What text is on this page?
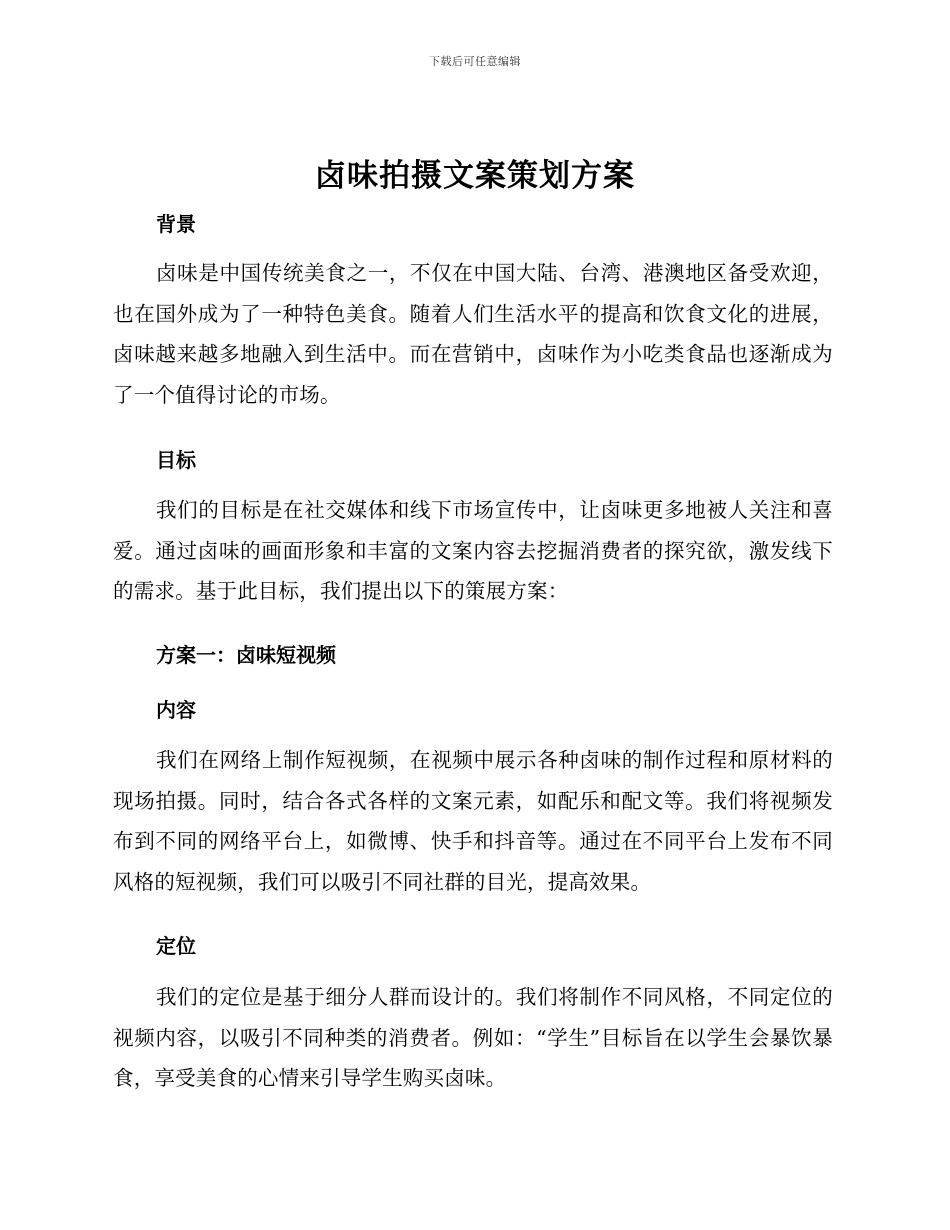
下载后可任意编辑
卤味拍摄文案策划方案
背景

卤味是中国传统美食之一，不仅在中国大陆、台湾、港澳地区备受欢迎，也在国外成为了一种特色美食。随着人们生活水平的提高和饮食文化的进展，卤味越来越多地融入到生活中。而在营销中，卤味作为小吃类食品也逐渐成为了一个值得讨论的市场。

目标

我们的目标是在社交媒体和线下市场宣传中，让卤味更多地被人关注和喜爱。通过卤味的画面形象和丰富的文案内容去挖掘消费者的探究欲，激发线下的需求。基于此目标，我们提出以下的策展方案：

方案一：卤味短视频
内容

我们在网络上制作短视频，在视频中展示各种卤味的制作过程和原材料的现场拍摄。同时，结合各式各样的文案元素，如配乐和配文等。我们将视频发布到不同的网络平台上，如微博、快手和抖音等。通过在不同平台上发布不同风格的短视频，我们可以吸引不同社群的目光，提高效果。

定位

我们的定位是基于细分人群而设计的。我们将制作不同风格，不同定位的视频内容，以吸引不同种类的消费者。例如：“学生”目标旨在以学生会暴饮暴食，享受美食的心情来引导学生购买卤味。
